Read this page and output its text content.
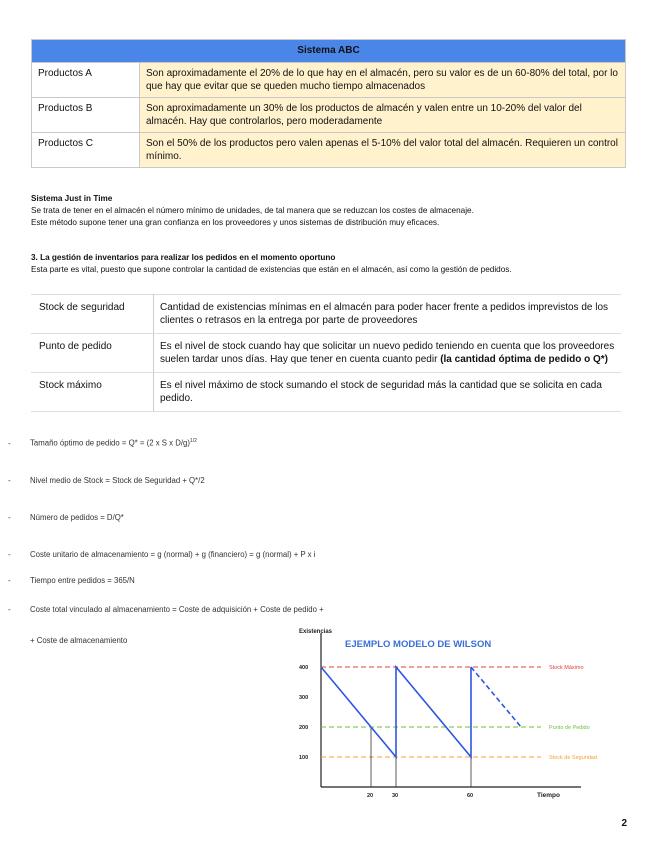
Sistema ABC	
Productos A	Son aproximadamente el 20% de lo que hay en el almacén, pero su valor es de un 60-80% del total, por lo que hay que evitar que se queden mucho tiempo almacenados
Productos B	Son aproximadamente un 30% de los productos de almacén y valen entre un 10-20% del valor del almacén. Hay que controlarlos, pero moderadamente
Productos C	Son el 50% de los productos pero valen apenas el 5-10% del valor total del almacén. Requieren un control mínimo.
Sistema Just in Time
Se trata de tener en el almacén el número mínimo de unidades, de tal manera que se reduzcan los costes de almacenaje.
Este método supone tener una gran confianza en los proveedores y unos sistemas de distribución muy eficaces.
3. La gestión de inventarios para realizar los pedidos en el momento oportuno
Esta parte es vital, puesto que supone controlar la cantidad de existencias que están en el almacén, así como la gestión de pedidos.
Stock de seguridad	Cantidad de existencias mínimas en el almacén para poder hacer frente a pedidos imprevistos de los clientes o retrasos en la entrega por parte de proveedores
Punto de pedido	Es el nivel de stock cuando hay que solicitar un nuevo pedido teniendo en cuenta que los proveedores suelen tardar unos días. Hay que tener en cuenta cuanto pedir (la cantidad óptima de pedido o Q*)
Stock máximo	Es el nivel máximo de stock sumando el stock de seguridad más la cantidad que se solicita en cada pedido.
- Tamaño óptimo de pedido = Q* = (2 x S x D/g)$^{1/2}$
- Nivel medio de Stock = Stock de Seguridad + Q*/2
- Número de pedidos = D/Q*
- Coste unitario de almacenamiento = g (normal) + g (financiero) = g (normal) + P x i
- Tiempo entre pedidos = 365/N
- Coste total vinculado al almacenamiento = Coste de adquisición + Coste de pedido +
+ Coste de almacenamiento
Existencias
Tiempo
EJEMPLO MODELO DE WILSON
400
300
200
100
Stock Máximo
Punto de Pedido
Stock de Seguridad
20	30	60
2
